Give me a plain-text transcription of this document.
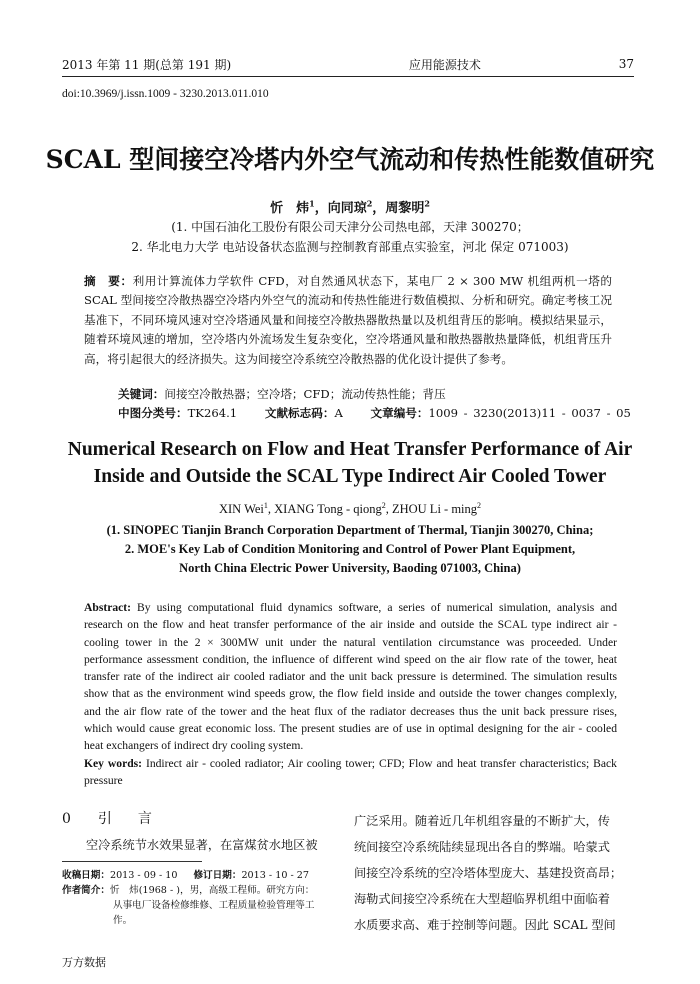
2013 年第 11 期(总第 191 期)	应用能源技术	37
doi:10.3969/j.issn.1009 - 3230.2013.011.010
SCAL 型间接空冷塔内外空气流动和传热性能数值研究
忻　炜$^1$，向同琼$^2$，周黎明$^2$
(1. 中国石油化工股份有限公司天津分公司热电部，天津 300270；
2. 华北电力大学 电站设备状态监测与控制教育部重点实验室，河北 保定 071003)
摘　要：利用计算流体力学软件 CFD，对自然通风状态下，某电厂 2 × 300 MW 机组两机一塔的 SCAL 型间接空冷散热器空冷塔内外空气的流动和传热性能进行数值模拟、分析和研究。确定考核工况基准下，不同环境风速对空冷塔通风量和间接空冷散热器散热量以及机组背压的影响。模拟结果显示，随着环境风速的增加，空冷塔内外流场发生复杂变化，空冷塔通风量和散热器散热量降低，机组背压升高，将引起很大的经济损失。这为间接空冷系统空冷散热器的优化设计提供了参考。
关键词：间接空冷散热器；空冷塔；CFD；流动传热性能；背压
中图分类号：TK264.1 文献标志码：A 文章编号：1009 - 3230(2013)11 - 0037 - 05
Numerical Research on Flow and Heat Transfer Performance of Air
Inside and Outside the SCAL Type Indirect Air Cooled Tower
XIN Wei$^1$, XIANG Tong - qiong$^2$, ZHOU Li - ming$^2$
(1. SINOPEC Tianjin Branch Corporation Department of Thermal, Tianjin 300270, China;
2. MOE's Key Lab of Condition Monitoring and Control of Power Plant Equipment,
North China Electric Power University, Baoding 071003, China)
Abstract: By using computational fluid dynamics software, a series of numerical simulation, analysis and research on the flow and heat transfer performance of the air inside and outside the SCAL type indirect air - cooling tower in the 2 × 300MW unit under the natural ventilation circumstance was proceeded. Under performance assessment condition, the influence of different wind speed on the air flow rate of the tower, heat transfer rate of the indirect air cooled radiator and the unit back pressure is determined. The simulation results show that as the environment wind speeds grow, the flow field inside and outside the tower changes complexly, and the air flow rate of the tower and the heat flux of the radiator decreases thus the unit back pressure rises, which would cause great economic loss. The present studies are of use in optimal designing for the air - cooled heat exchangers of indirect dry cooling system.
Key words: Indirect air - cooled radiator; Air cooling tower; CFD; Flow and heat transfer characteristics; Back pressure
0 引　言
空冷系统节水效果显著，在富煤贫水地区被
收稿日期： 2013 - 09 - 10 修订日期： 2013 - 10 - 27
作者简介： 忻　炜(1968 - )，男，高级工程师。研究方向：
从事电厂设备检修维修、工程质量检验管理等工
作。
广泛采用。随着近几年机组容量的不断扩大，传
统间接空冷系统陆续显现出各自的弊端。哈蒙式
间接空冷系统的空冷塔体型庞大、基建投资高昂；
海勒式间接空冷系统在大型超临界机组中面临着
水质要求高、难于控制等问题。因此 SCAL 型间
万方数据
